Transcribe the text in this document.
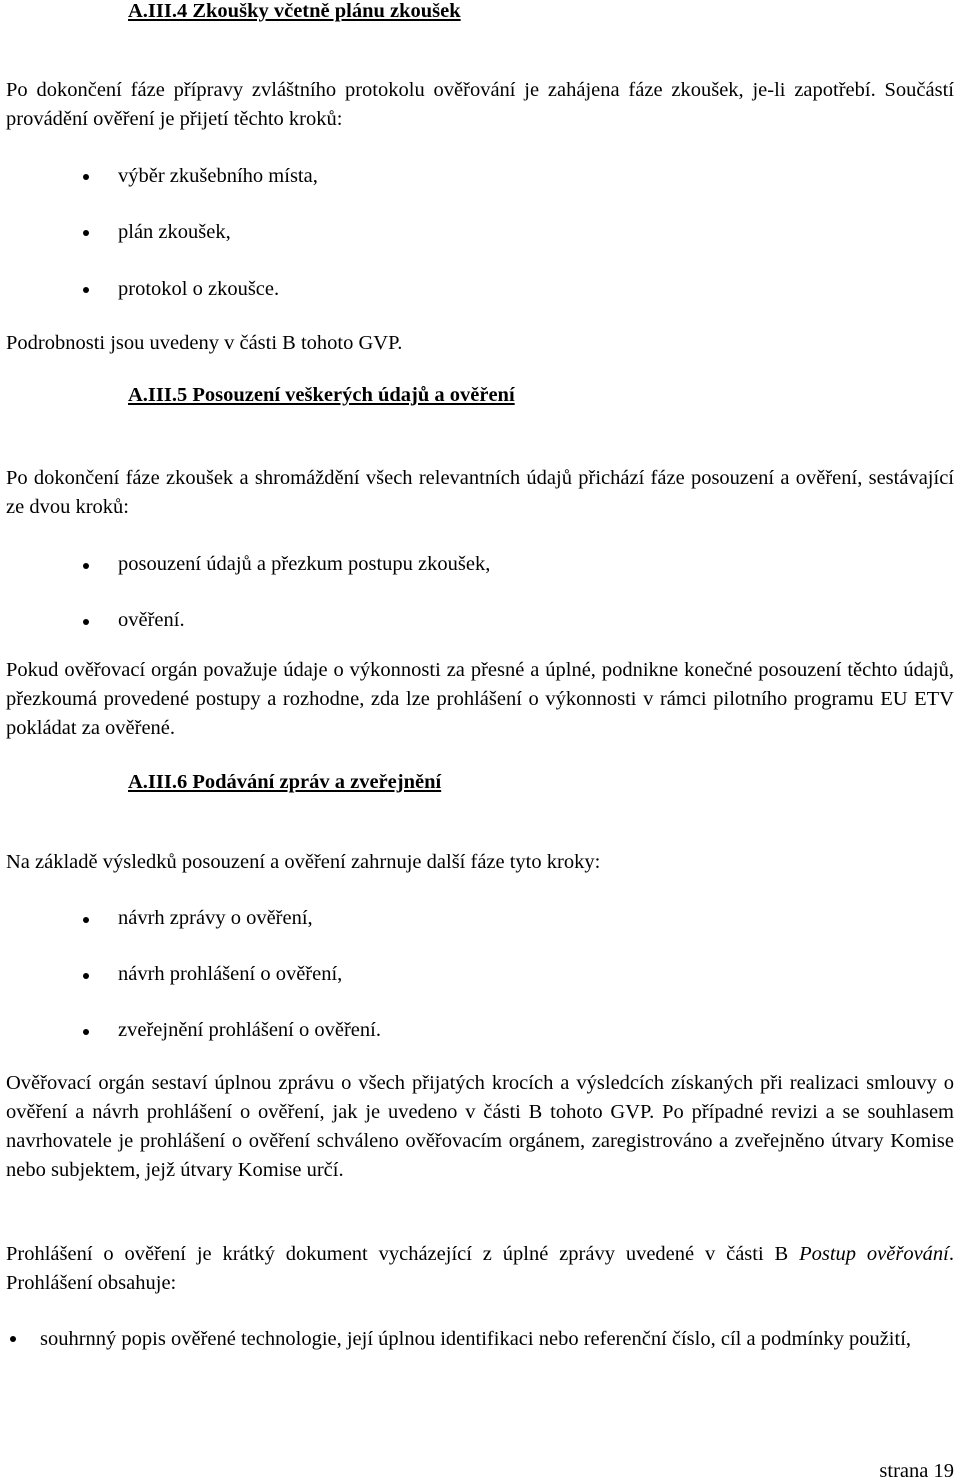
A.III.4 Zkoušky včetně plánu zkoušek

Po dokončení fáze přípravy zvláštního protokolu ověřování je zahájena fáze zkoušek, je-li zapotřebí. Součástí provádění ověření je přijetí těchto kroků:

výběr zkušebního místa,
plán zkoušek,
protokol o zkoušce.

Podrobnosti jsou uvedeny v části B tohoto GVP.

A.III.5 Posouzení veškerých údajů a ověření

Po dokončení fáze zkoušek a shromáždění všech relevantních údajů přichází fáze posouzení a ověření, sestávající ze dvou kroků:

posouzení údajů a přezkum postupu zkoušek,
ověření.

Pokud ověřovací orgán považuje údaje o výkonnosti za přesné a úplné, podnikne konečné posouzení těchto údajů, přezkoumá provedené postupy a rozhodne, zda lze prohlášení o výkonnosti v rámci pilotního programu EU ETV pokládat za ověřené.

A.III.6 Podávání zpráv a zveřejnění

Na základě výsledků posouzení a ověření zahrnuje další fáze tyto kroky:

návrh zprávy o ověření,
návrh prohlášení o ověření,
zveřejnění prohlášení o ověření.

Ověřovací orgán sestaví úplnou zprávu o všech přijatých krocích a výsledcích získaných při realizaci smlouvy o ověření a návrh prohlášení o ověření, jak je uvedeno v části B tohoto GVP. Po případné revizi a se souhlasem navrhovatele je prohlášení o ověření schváleno ověřovacím orgánem, zaregistrováno a zveřejněno útvary Komise nebo subjektem, jejž útvary Komise určí.

Prohlášení o ověření je krátký dokument vycházející z úplné zprávy uvedené v části B Postup ověřování. Prohlášení obsahuje:

souhrnný popis ověřené technologie, její úplnou identifikaci nebo referenční číslo, cíl a podmínky použití,

strana 19
